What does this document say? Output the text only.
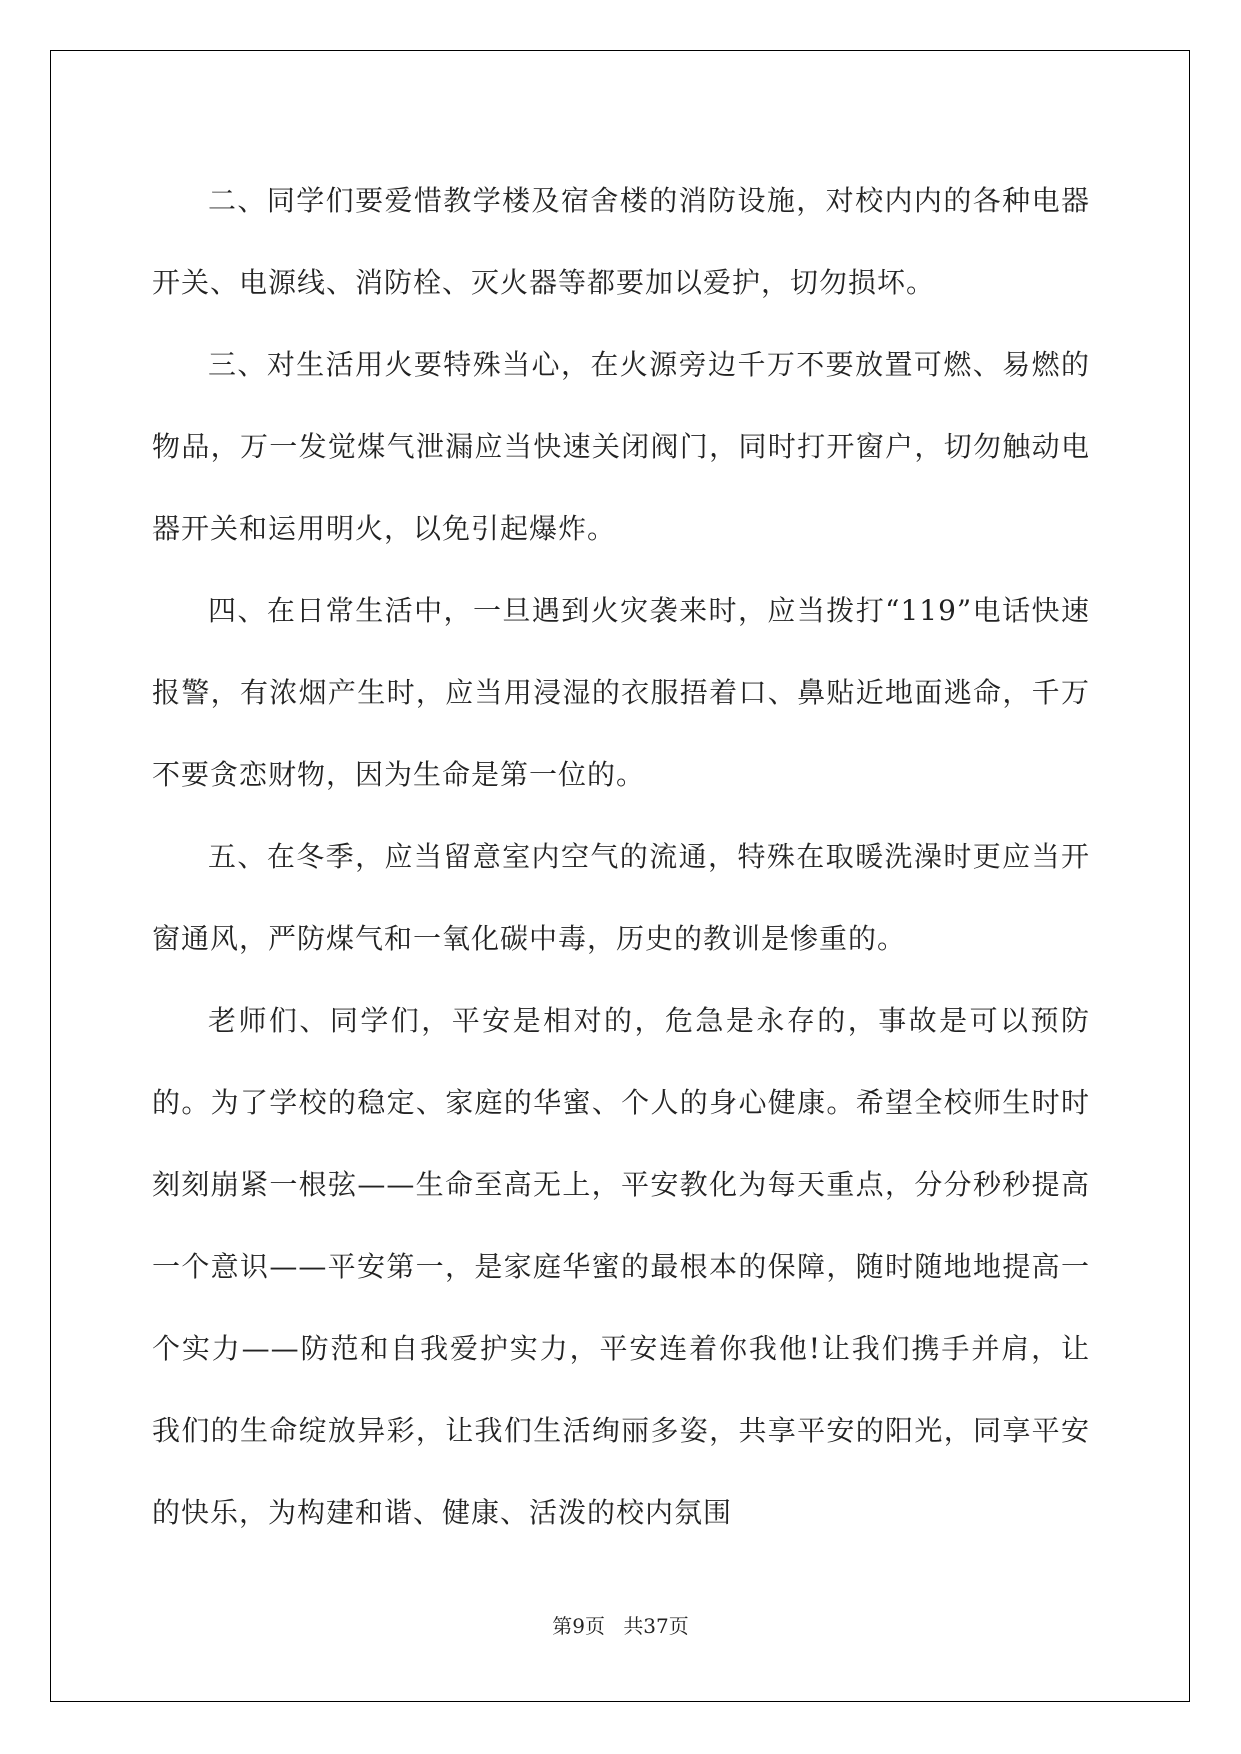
二、同学们要爱惜教学楼及宿舍楼的消防设施，对校内内的各种电器开关、电源线、消防栓、灭火器等都要加以爱护，切勿损坏。

三、对生活用火要特殊当心，在火源旁边千万不要放置可燃、易燃的物品，万一发觉煤气泄漏应当快速关闭阀门，同时打开窗户，切勿触动电器开关和运用明火，以免引起爆炸。

四、在日常生活中，一旦遇到火灾袭来时，应当拨打“119”电话快速报警，有浓烟产生时，应当用浸湿的衣服捂着口、鼻贴近地面逃命，千万不要贪恋财物，因为生命是第一位的。

五、在冬季，应当留意室内空气的流通，特殊在取暖洗澡时更应当开窗通风，严防煤气和一氧化碳中毒，历史的教训是惨重的。

老师们、同学们，平安是相对的，危急是永存的，事故是可以预防的。为了学校的稳定、家庭的华蜜、个人的身心健康。希望全校师生时时刻刻崩紧一根弦——生命至高无上，平安教化为每天重点，分分秒秒提高一个意识——平安第一，是家庭华蜜的最根本的保障，随时随地地提高一个实力——防范和自我爱护实力，平安连着你我他!让我们携手并肩，让我们的生命绽放异彩，让我们生活绚丽多姿，共享平安的阳光，同享平安的快乐，为构建和谐、健康、活泼的校内氛围

第9页 共37页
